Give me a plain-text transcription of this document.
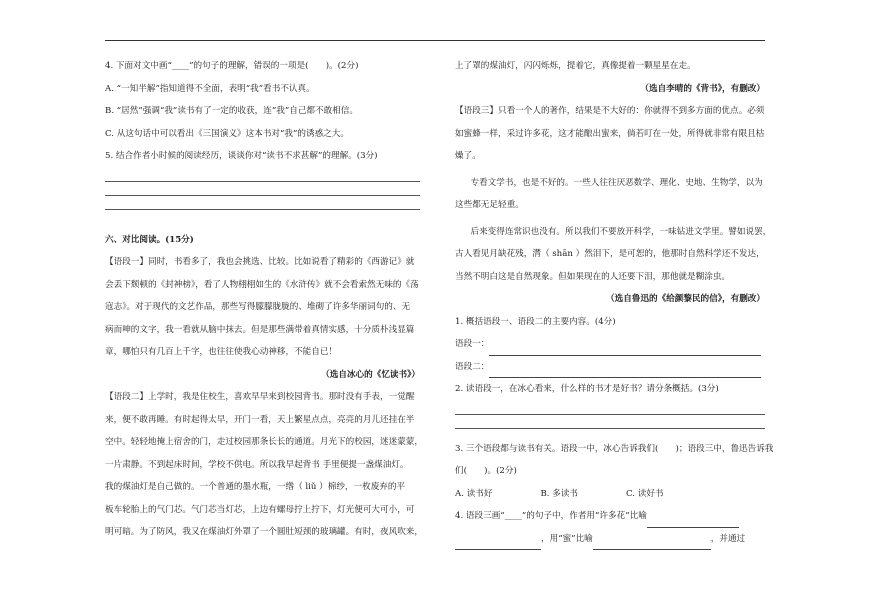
4. 下面对文中画“____”的句子的理解，错误的一项是(　　)。(2分)

A. “一知半解”指知道得不全面，表明“我”看书不认真。

B. “居然”强调“我”读书有了一定的收获，连“我”自己都不敢相信。

C. 从这句话中可以看出《三国演义》这本书对“我”的诱惑之大。

5. 结合作者小时候的阅读经历，谈谈你对“读书不求甚解”的理解。(3分)

六、对比阅读。(15分)

【语段一】同时，书看多了，我也会挑选、比较。比如说看了精彩的《西游记》就

会丢下颓顿的《封神榜》，看了人物栩栩如生的《水浒传》就不会看索然无味的《荡

寇志》。对于现代的文艺作品，那些写得朦朦胧胧的、堆砌了许多华丽词句的、无

病而呻的文字，我一看就从脑中抹去。但是那些满带着真情实感，十分质朴浅显篇

章，哪怕只有几百上千字，也往往使我心动神移，不能自已！

（选自冰心的《忆读书》）

【语段二】上学时，我是住校生，喜欢早早来到校园背书。那时没有手表，一觉醒

来，便不敢再睡。有时起得太早，开门一看，天上繁星点点，亮亮的月儿还挂在半

空中。轻轻地掩上宿舍的门，走过校园那条长长的通道。月光下的校园，迷迷蒙蒙，

一片肃静。不到起床时间，学校不供电。所以我早起背书 手里便提一盏煤油灯。

我的煤油灯是自己做的。一个普通的墨水瓶，一绺（ liǔ ）棉纱，一枚废弃的平

板车轮胎上的气门芯。气门芯当灯芯，上边有螺母拧上拧下，灯光便可大可小，可

明可暗。为了防风，我又在煤油灯外罩了一个圆肚短颈的玻璃罐。有时，夜风吹来，

上了罩的煤油灯，闪闪烁烁，提着它，真像提着一颗星星在走。

（选自李晴的《背书》，有删改）

【语段三】只看一个人的著作，结果是不大好的：你就得不到多方面的优点。必须

如蜜蜂一样，采过许多花，这才能酿出蜜来，倘若叮在一处，所得就非常有限且枯

燥了。

专看文学书，也是不好的。一些人往往厌恶数学、理化、史地、生物学，以为

这些都无足轻重。

后来变得连常识也没有。所以我们不要放开科学，一味钻进文学里。譬如说罢，

古人看见月缺花残，潸（ shān ）然泪下，是可恕的，他那时自然科学还不发达，

当然不明白这是自然现象。但如果现在的人还要下泪，那他就是糊涂虫。

（选自鲁迅的《给颜黎民的信》，有删改）

1. 概括语段一、语段二的主要内容。(4分)

语段一：

语段二：

2. 读语段一，在冰心看来，什么样的书才是好书？请分条概括。(3分)

3. 三个语段都与读书有关。语段一中，冰心告诉我们(　　)；语段三中，鲁迅告诉我

们(　　)。(2分)

A. 读书好	B. 多读书	C. 读好书

4. 语段三画“____”的句子中，作者用“许多花”比喻

，用“蜜”比喻	，并通过
